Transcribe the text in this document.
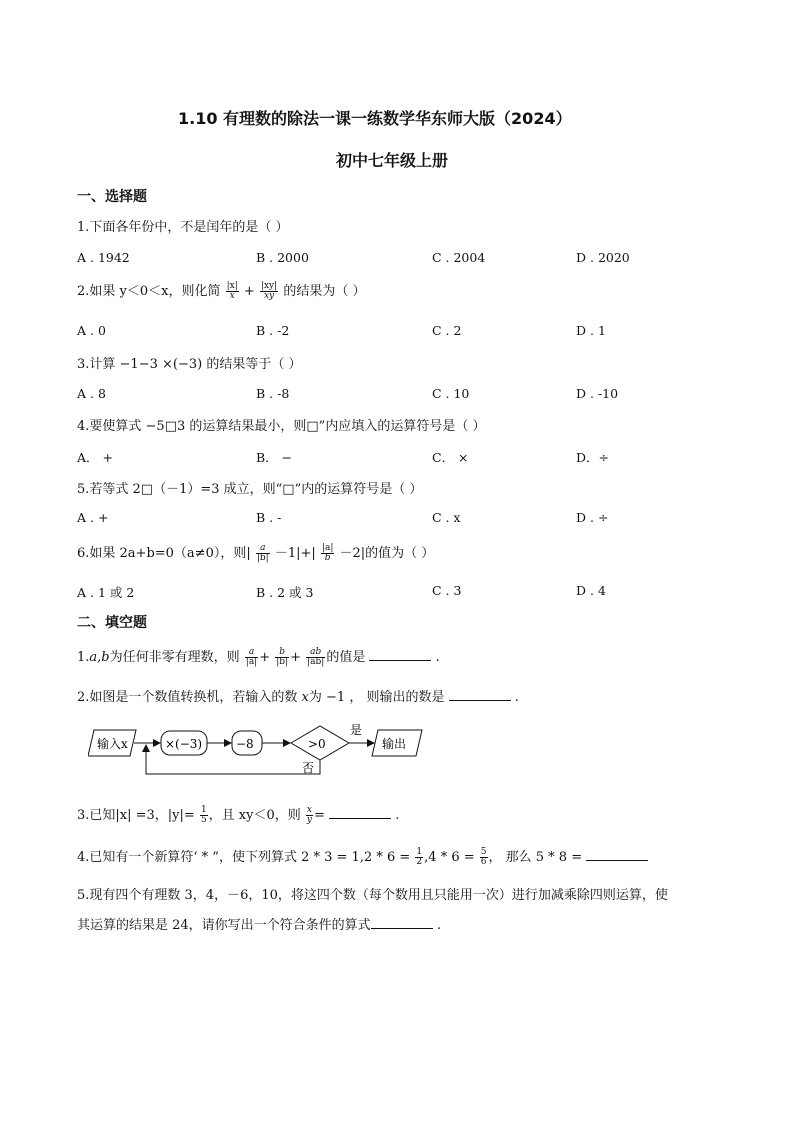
1.10 有理数的除法一课一练数学华东师大版（2024）
初中七年级上册
一、选择题
1.下面各年份中，不是闰年的是（ ）
A . 1942	B . 2000	C . 2004	D . 2020
2.如果 y＜0＜x，则化简 $\frac{|x|}{x} + \frac{|xy|}{xy}$ 的结果为（ ）
A . 0	B . -2	C . 2	D . 1
3.计算 −1−3 ×(−3) 的结果等于（ ）
A . 8	B . -8	C . 10	D . -10
4.要使算式 −5□3 的运算结果最小，则□”内应填入的运算符号是（ ）
A． +	B． −	C． ×	D．÷
5.若等式 2□（－1）=3 成立，则“□”内的运算符号是（ ）
A . +	B . -	C . x	D . ÷
6.如果 2a+b=0（a≠0），则| $\frac{a}{|b|} -1|+| \frac{|a|}{b} -2|$的值为（ ）
A . 1 或 2	B . 2 或 3	C . 3	D . 4
二、填空题
1.a,b为任何非零有理数，则 $\frac{a}{|a|} + \frac{b}{|b|} + \frac{ab}{|ab|}$ 的值是	.
2.如图是一个数值转换机，若输入的数 x为 −1 ， 则输出的数是	.
输入x	×(−3)	−8	>0
是
输出
否
3.已知|x| =3，$|y|= \frac{1}{5}$ ，且 xy＜0，则 $\frac{x}{y}$ =	.
4.已知有一个新算符‘ * ”，使下列算式 $2 * 3 = 1,2 * 6 = \frac{1}{2} ,4 * 6 = \frac{5}{6}$ ， 那么 5 * 8 =
5.现有四个有理数 3，4，－6，10，将这四个数（每个数用且只能用一次）进行加减乘除四则运算，使
其运算的结果是 24，请你写出一个符合条件的算式	.
